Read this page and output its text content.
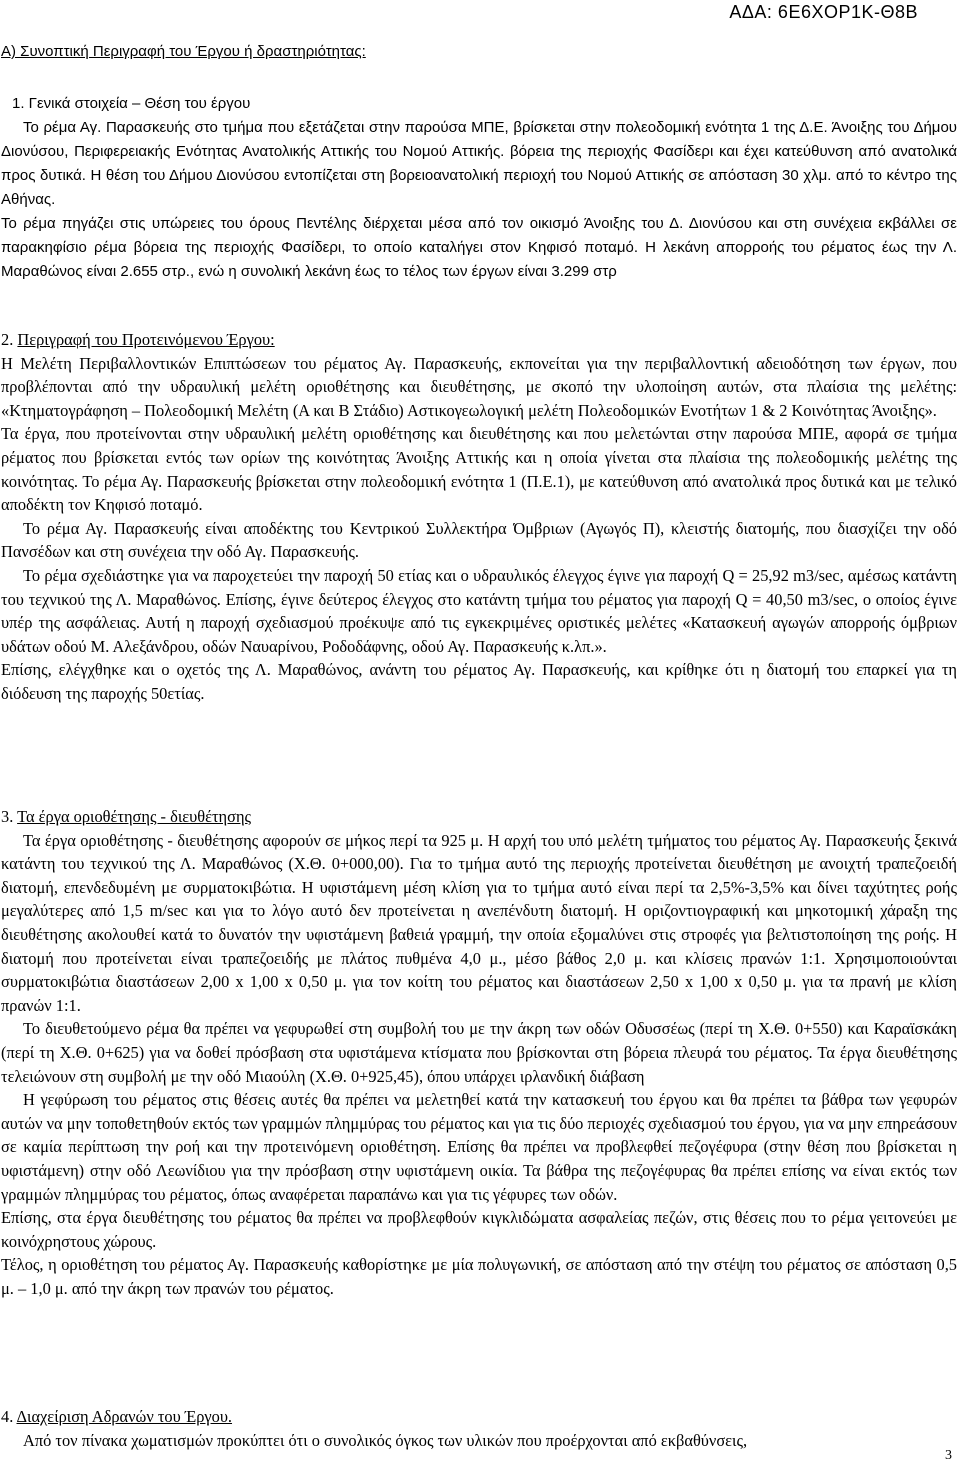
ΑΔΑ: 6Ε6ΧΟΡ1Κ-Θ8Β
Α) Συνοπτική Περιγραφή του Έργου ή δραστηριότητας:

1. Γενικά στοιχεία – Θέση του έργου

Το ρέμα Αγ. Παρασκευής στο τμήμα που εξετάζεται στην παρούσα ΜΠΕ, βρίσκεται στην πολεοδομική ενότητα 1 της Δ.Ε. Άνοιξης του Δήμου Διονύσου, Περιφερειακής Ενότητας Ανατολικής Αττικής του Νομού Αττικής. βόρεια της περιοχής Φασίδερι και έχει κατεύθυνση από ανατολικά προς δυτικά. Η θέση του Δήμου Διονύσου εντοπίζεται στη βορειοανατολική περιοχή του Νομού Αττικής σε απόσταση 30 χλμ. από το κέντρο της Αθήνας.

Το ρέμα πηγάζει στις υπώρειες του όρους Πεντέλης διέρχεται μέσα από τον οικισμό Άνοιξης του Δ. Διονύσου και στη συνέχεια εκβάλλει σε παρακηφίσιο ρέμα βόρεια της περιοχής Φασίδερι, το οποίο καταλήγει στον Κηφισό ποταμό. Η λεκάνη απορροής του ρέματος έως την Λ. Μαραθώνος είναι 2.655 στρ., ενώ η συνολική λεκάνη έως το τέλος των έργων είναι 3.299 στρ

2. Περιγραφή του Προτεινόμενου Έργου:

Η Μελέτη Περιβαλλοντικών Επιπτώσεων του ρέματος Αγ. Παρασκευής, εκπονείται για την περιβαλλοντική αδειοδότηση των έργων, που προβλέπονται από την υδραυλική μελέτη οριοθέτησης και διευθέτησης, με σκοπό την υλοποίηση αυτών, στα πλαίσια της μελέτης: «Κτηματογράφηση – Πολεοδομική Μελέτη (Α και Β Στάδιο) Αστικογεωλογική μελέτη Πολεοδομικών Ενοτήτων 1 & 2 Κοινότητας Άνοιξης».

Τα έργα, που προτείνονται στην υδραυλική μελέτη οριοθέτησης και διευθέτησης και που μελετώνται στην παρούσα ΜΠΕ, αφορά σε τμήμα ρέματος που βρίσκεται εντός των ορίων της κοινότητας Άνοιξης Αττικής και η οποία γίνεται στα πλαίσια της πολεοδομικής μελέτης της κοινότητας. Το ρέμα Αγ. Παρασκευής βρίσκεται στην πολεοδομική ενότητα 1 (Π.Ε.1), με κατεύθυνση από ανατολικά προς δυτικά και με τελικό αποδέκτη τον Κηφισό ποταμό.

Το ρέμα Αγ. Παρασκευής είναι αποδέκτης του Κεντρικού Συλλεκτήρα Όμβριων (Αγωγός Π), κλειστής διατομής, που διασχίζει την οδό Πανσέδων και στη συνέχεια την οδό Αγ. Παρασκευής.

Το ρέμα σχεδιάστηκε για να παροχετεύει την παροχή 50 ετίας και ο υδραυλικός έλεγχος έγινε για παροχή Q = 25,92 m3/sec, αμέσως κατάντη του τεχνικού της Λ. Μαραθώνος. Επίσης, έγινε δεύτερος έλεγχος στο κατάντη τμήμα του ρέματος για παροχή Q = 40,50 m3/sec, ο οποίος έγινε υπέρ της ασφάλειας. Αυτή η παροχή σχεδιασμού προέκυψε από τις εγκεκριμένες οριστικές μελέτες «Κατασκευή αγωγών απορροής όμβριων υδάτων οδού Μ. Αλεξάνδρου, οδών Ναυαρίνου, Ροδοδάφνης, οδού Αγ. Παρασκευής κ.λπ.».

Επίσης, ελέγχθηκε και ο οχετός της Λ. Μαραθώνος, ανάντη του ρέματος Αγ. Παρασκευής, και κρίθηκε ότι η διατομή του επαρκεί για τη διόδευση της παροχής 50ετίας.

3. Τα έργα οριοθέτησης - διευθέτησης

Τα έργα οριοθέτησης - διευθέτησης αφορούν σε μήκος περί τα 925 μ. Η αρχή του υπό μελέτη τμήματος του ρέματος Αγ. Παρασκευής ξεκινά κατάντη του τεχνικού της Λ. Μαραθώνος (Χ.Θ. 0+000,00). Για το τμήμα αυτό της περιοχής προτείνεται διευθέτηση με ανοιχτή τραπεζοειδή διατομή, επενδεδυμένη με συρματοκιβώτια. Η υφιστάμενη μέση κλίση για το τμήμα αυτό είναι περί τα 2,5%-3,5% και δίνει ταχύτητες ροής μεγαλύτερες από 1,5 m/sec και για το λόγο αυτό δεν προτείνεται η ανεπένδυτη διατομή. Η οριζοντιογραφική και μηκοτομική χάραξη της διευθέτησης ακολουθεί κατά το δυνατόν την υφιστάμενη βαθειά γραμμή, την οποία εξομαλύνει στις στροφές για βελτιστοποίηση της ροής. Η διατομή που προτείνεται είναι τραπεζοειδής με πλάτος πυθμένα 4,0 μ., μέσο βάθος 2,0 μ. και κλίσεις πρανών 1:1. Χρησιμοποιούνται συρματοκιβώτια διαστάσεων 2,00 x 1,00 x 0,50 μ. για τον κοίτη του ρέματος και διαστάσεων 2,50 x 1,00 x 0,50 μ. για τα πρανή με κλίση πρανών 1:1.

Το διευθετούμενο ρέμα θα πρέπει να γεφυρωθεί στη συμβολή του με την άκρη των οδών Οδυσσέως (περί τη Χ.Θ. 0+550) και Καραϊσκάκη (περί τη Χ.Θ. 0+625) για να δοθεί πρόσβαση στα υφιστάμενα κτίσματα που βρίσκονται στη βόρεια πλευρά του ρέματος. Τα έργα διευθέτησης τελειώνουν στη συμβολή με την οδό Μιαούλη (Χ.Θ. 0+925,45), όπου υπάρχει ιρλανδική διάβαση

Η γεφύρωση του ρέματος στις θέσεις αυτές θα πρέπει να μελετηθεί κατά την κατασκευή του έργου και θα πρέπει τα βάθρα των γεφυρών αυτών να μην τοποθετηθούν εκτός των γραμμών πλημμύρας του ρέματος και για τις δύο περιοχές σχεδιασμού του έργου, για να μην επηρεάσουν σε καμία περίπτωση την ροή και την προτεινόμενη οριοθέτηση. Επίσης θα πρέπει να προβλεφθεί πεζογέφυρα (στην θέση που βρίσκεται η υφιστάμενη) στην οδό Λεωνίδιου για την πρόσβαση στην υφιστάμενη οικία. Τα βάθρα της πεζογέφυρας θα πρέπει επίσης να είναι εκτός των γραμμών πλημμύρας του ρέματος, όπως αναφέρεται παραπάνω και για τις γέφυρες των οδών.

Επίσης, στα έργα διευθέτησης του ρέματος θα πρέπει να προβλεφθούν κιγκλιδώματα ασφαλείας πεζών, στις θέσεις που το ρέμα γειτονεύει με κοινόχρηστους χώρους.

Τέλος, η οριοθέτηση του ρέματος Αγ. Παρασκευής καθορίστηκε με μία πολυγωνική, σε απόσταση από την στέψη του ρέματος σε απόσταση 0,5 μ. – 1,0 μ. από την άκρη των πρανών του ρέματος.

4. Διαχείριση Αδρανών του Έργου.

Από τον πίνακα χωματισμών προκύπτει ότι ο συνολικός όγκος των υλικών που προέρχονται από εκβαθύνσεις,

3
